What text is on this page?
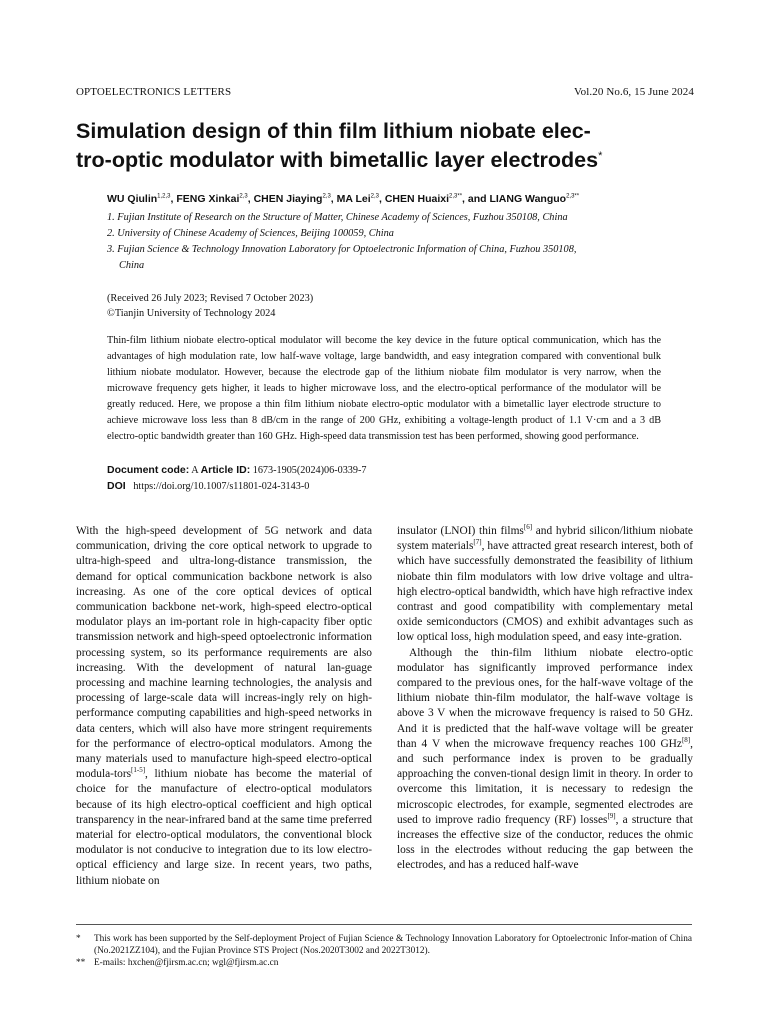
OPTOELECTRONICS LETTERS	Vol.20 No.6, 15 June 2024
Simulation design of thin film lithium niobate elec-
tro-optic modulator with bimetallic layer electrodes*
WU Qiulin$^{1,2,3}$, FENG Xinkai$^{2,3}$, CHEN Jiaying$^{2,3}$, MA Lei$^{2,3}$, CHEN Huaixi$^{2,3**}$, and LIANG Wanguo$^{2,3**}$
1. Fujian Institute of Research on the Structure of Matter, Chinese Academy of Sciences, Fuzhou 350108, China
2. University of Chinese Academy of Sciences, Beijing 100059, China
3. Fujian Science & Technology Innovation Laboratory for Optoelectronic Information of China, Fuzhou 350108,
China
(Received 26 July 2023; Revised 7 October 2023)
©Tianjin University of Technology 2024
Thin-film lithium niobate electro-optical modulator will become the key device in the future optical communication, which has the advantages of high modulation rate, low half-wave voltage, large bandwidth, and easy integration compared with conventional bulk lithium niobate modulator. However, because the electrode gap of the lithium niobate film modulator is very narrow, when the microwave frequency gets higher, it leads to higher microwave loss, and the electro-optical performance of the modulator will be greatly reduced. Here, we propose a thin film lithium niobate electro-optic modulator with a bimetallic layer electrode structure to achieve microwave loss less than 8 dB/cm in the range of 200 GHz, exhibiting a voltage-length product of 1.1 V·cm and a 3 dB electro-optic bandwidth greater than 160 GHz. High-speed data transmission test has been performed, showing good performance.
Document code: A Article ID: 1673-1905(2024)06-0339-7
DOI https://doi.org/10.1007/s11801-024-3143-0

With the high-speed development of 5G network and data communication, driving the core optical network to upgrade to ultra-high-speed and ultra-long-distance transmission, the demand for optical communication backbone network is also increasing. As one of the core optical devices of optical communication backbone net-work, high-speed electro-optical modulator plays an im-portant role in high-capacity fiber optic transmission network and high-speed optoelectronic information processing system, so its performance requirements are also increasing. With the development of natural lan-guage processing and machine learning technologies, the analysis and processing of large-scale data will increas-ingly rely on high-performance computing capabilities and high-speed networks in data centers, which will also have more stringent requirements for the performance of electro-optical modulators. Among the many materials used to manufacture high-speed electro-optical modula-tors[1-5], lithium niobate has become the material of choice for the manufacture of electro-optical modulators because of its high electro-optical coefficient and high optical transparency in the near-infrared band at the same time preferred material for electro-optical modulators, the conventional block modulator is not conducive to integration due to its low electro-optical efficiency and large size. In recent years, two paths, lithium niobate on

insulator (LNOI) thin films[6] and hybrid silicon/lithium niobate system materials[7], have attracted great research interest, both of which have successfully demonstrated the feasibility of lithium niobate thin film modulators with low drive voltage and ultra-high electro-optical bandwidth, which have high refractive index contrast and good compatibility with complementary metal oxide semiconductors (CMOS) and exhibit advantages such as low optical loss, high modulation speed, and easy inte-gration.

Although the thin-film lithium niobate electro-optic modulator has significantly improved performance index compared to the previous ones, for the half-wave voltage of the lithium niobate thin-film modulator, the half-wave voltage is above 3 V when the microwave frequency is raised to 50 GHz. And it is predicted that the half-wave voltage will be greater than 4 V when the microwave frequency reaches 100 GHz[8], and such performance index is proven to be gradually approaching the conven-tional design limit in theory. In order to overcome this limitation, it is necessary to redesign the microscopic electrodes, for example, segmented electrodes are used to improve radio frequency (RF) losses[9], a structure that increases the effective size of the conductor, reduces the ohmic loss in the electrodes without reducing the gap between the electrodes, and has a reduced half-wave

* This work has been supported by the Self-deployment Project of Fujian Science & Technology Innovation Laboratory for Optoelectronic Infor-mation of China (No.2021ZZ104), and the Fujian Province STS Project (Nos.2020T3002 and 2022T3012).
** E-mails: hxchen@fjirsm.ac.cn; wgl@fjirsm.ac.cn
